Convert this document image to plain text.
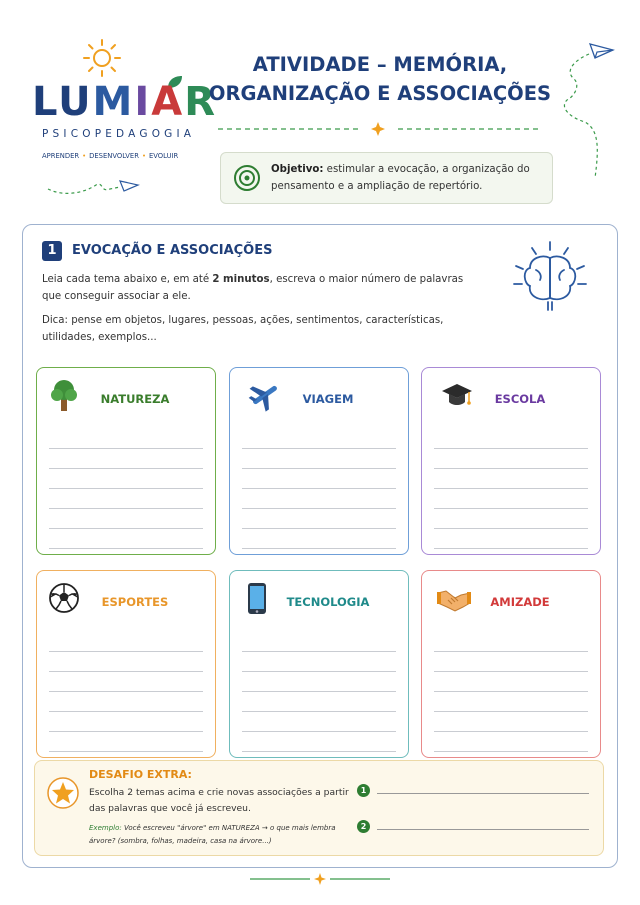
LUMIAR
PSICOPEDAGOGIA
APRENDER • DESENVOLVER • EVOLUIR
ATIVIDADE – MEMÓRIA,
ORGANIZAÇÃO E ASSOCIAÇÕES
Objetivo: estimular a evocação, a organização do pensamento e a ampliação de repertório.
1	EVOCAÇÃO E ASSOCIAÇÕES
Leia cada tema abaixo e, em até 2 minutos, escreva o maior número de palavras que conseguir associar a ele.
Dica: pense em objetos, lugares, pessoas, ações, sentimentos, características, utilidades, exemplos...
NATUREZA	VIAGEM	ESCOLA
ESPORTES	TECNOLOGIA	AMIZADE
DESAFIO EXTRA:
Escolha 2 temas acima e crie novas associações a partir das palavras que você já escreveu.
Exemplo: Você escreveu "árvore" em NATUREZA → o que mais lembra árvore? (sombra, folhas, madeira, casa na árvore...)
1
2
